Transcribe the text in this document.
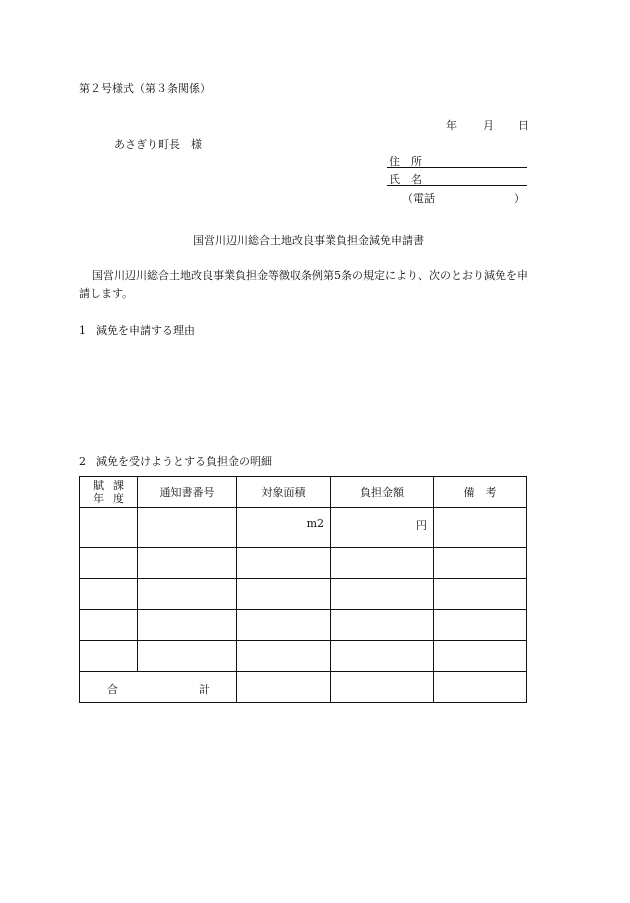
第２号様式（第３条関係）
年 月 日
あさぎり町長　様
住　所
氏　名
（電話	）
国営川辺川総合土地改良事業負担金減免申請書
国営川辺川総合土地改良事業負担金等徴収条例第5条の規定により、次のとおり減免を申
請します。
1 減免を申請する理由
2 減免を受けようとする負担金の明細
賦課
年度	通知書番号	対象面積	負担金額	備　考
		m2	円	

合 計				
